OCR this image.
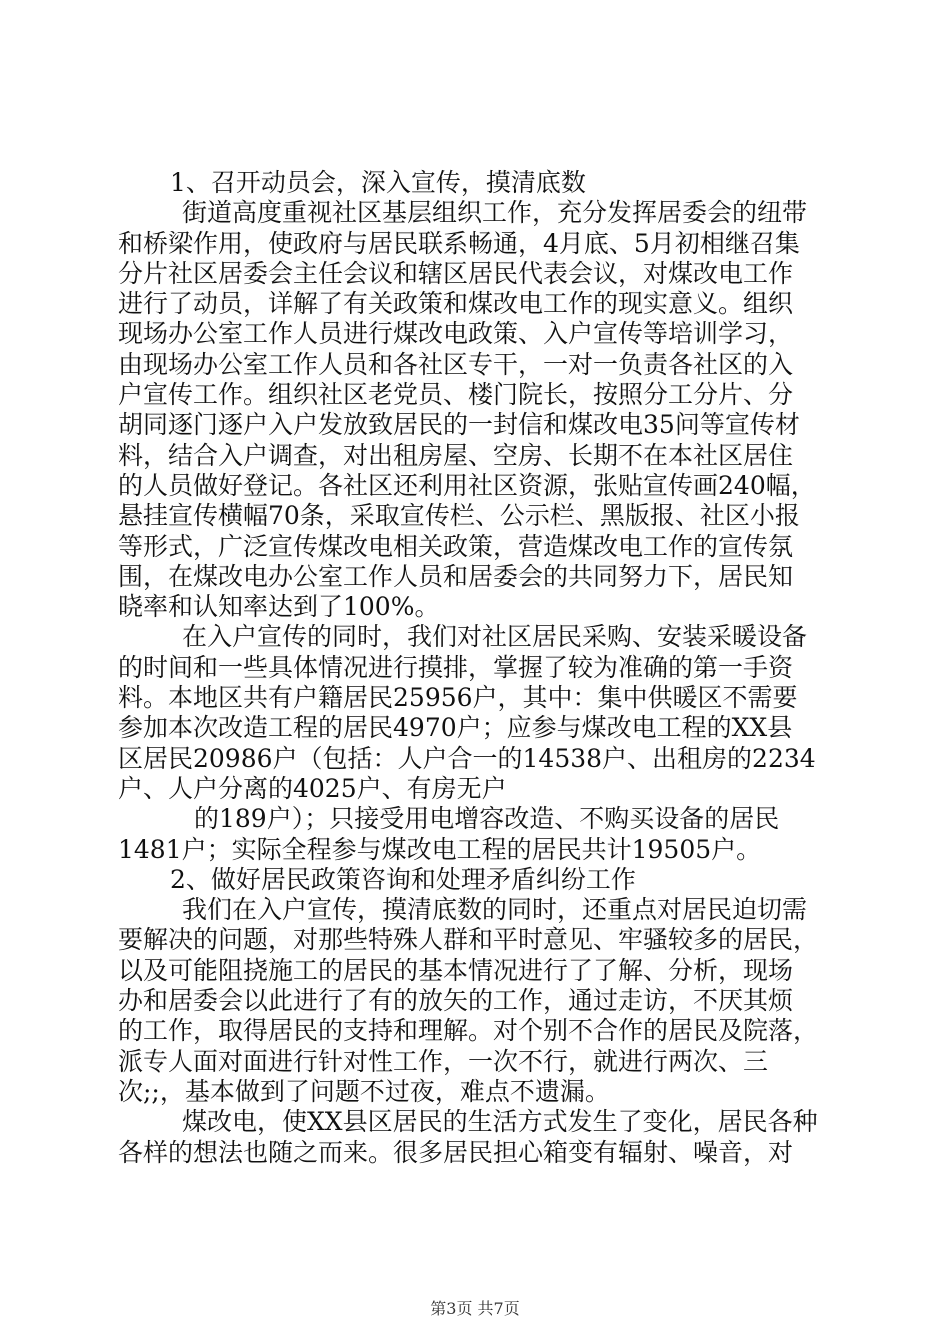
1、召开动员会，深入宣传，摸清底数
街道高度重视社区基层组织工作，充分发挥居委会的纽带
和桥梁作用，使政府与居民联系畅通，4月底、5月初相继召集
分片社区居委会主任会议和辖区居民代表会议，对煤改电工作
进行了动员，详解了有关政策和煤改电工作的现实意义。组织
现场办公室工作人员进行煤改电政策、入户宣传等培训学习，
由现场办公室工作人员和各社区专干，一对一负责各社区的入
户宣传工作。组织社区老党员、楼门院长，按照分工分片、分
胡同逐门逐户入户发放致居民的一封信和煤改电35问等宣传材
料，结合入户调查，对出租房屋、空房、长期不在本社区居住
的人员做好登记。各社区还利用社区资源，张贴宣传画240幅，
悬挂宣传横幅70条，采取宣传栏、公示栏、黑版报、社区小报
等形式，广泛宣传煤改电相关政策，营造煤改电工作的宣传氛
围，在煤改电办公室工作人员和居委会的共同努力下，居民知
晓率和认知率达到了100%。
在入户宣传的同时，我们对社区居民采购、安装采暖设备
的时间和一些具体情况进行摸排，掌握了较为准确的第一手资
料。本地区共有户籍居民25956户，其中：集中供暖区不需要
参加本次改造工程的居民4970户；应参与煤改电工程的XX县
区居民20986户（包括：人户合一的14538户、出租房的2234
户、人户分离的4025户、有房无户
的189户）；只接受用电增容改造、不购买设备的居民
1481户；实际全程参与煤改电工程的居民共计19505户。
2、做好居民政策咨询和处理矛盾纠纷工作
我们在入户宣传，摸清底数的同时，还重点对居民迫切需
要解决的问题，对那些特殊人群和平时意见、牢骚较多的居民，
以及可能阻挠施工的居民的基本情况进行了了解、分析，现场
办和居委会以此进行了有的放矢的工作，通过走访，不厌其烦
的工作，取得居民的支持和理解。对个别不合作的居民及院落，
派专人面对面进行针对性工作，一次不行，就进行两次、三
次;;，基本做到了问题不过夜，难点不遗漏。
煤改电，使XX县区居民的生活方式发生了变化，居民各种
各样的想法也随之而来。很多居民担心箱变有辐射、噪音，对
第3页 共7页
